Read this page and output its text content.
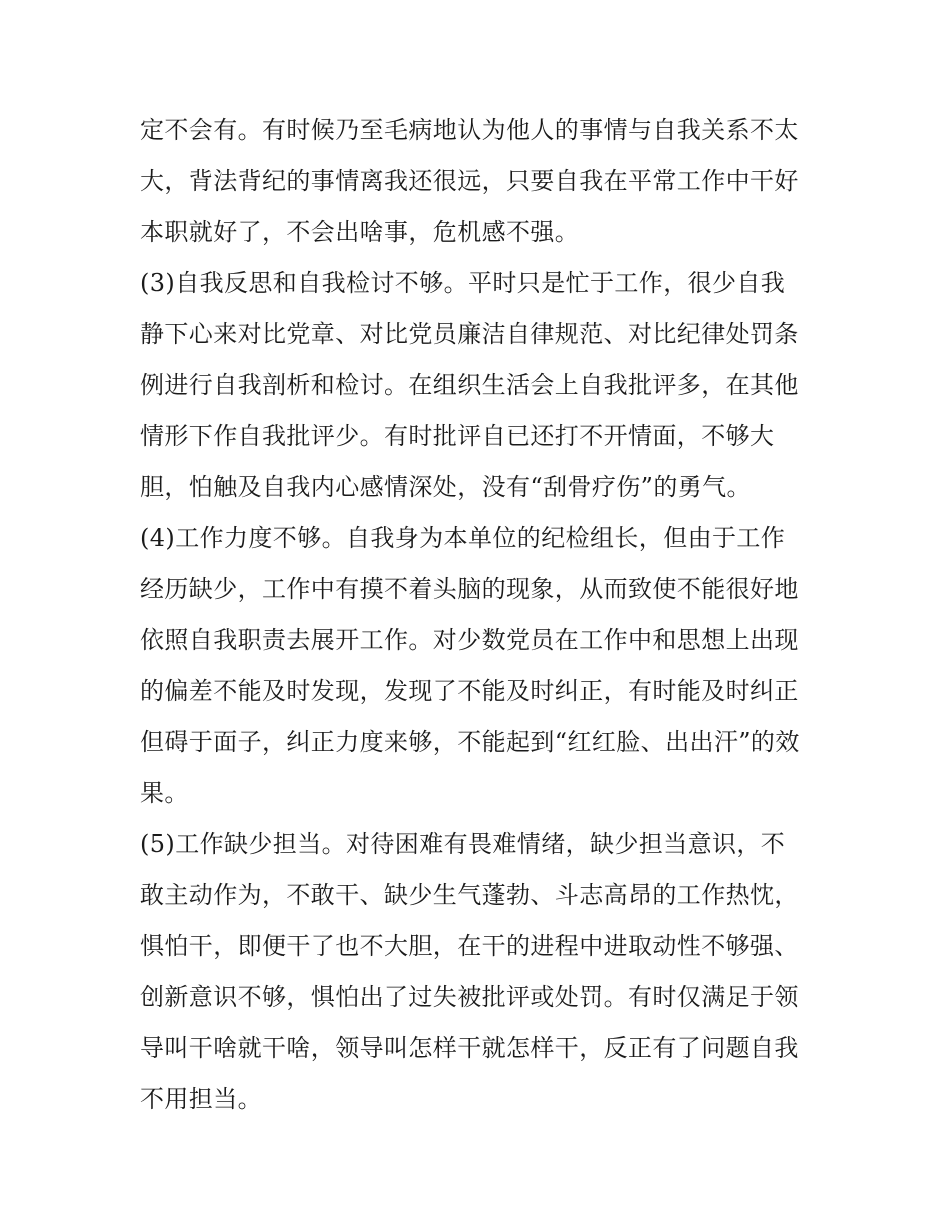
定不会有。有时候乃至毛病地认为他人的事情与自我关系不太
大，背法背纪的事情离我还很远，只要自我在平常工作中干好
本职就好了，不会出啥事，危机感不强。
(3)自我反思和自我检讨不够。平时只是忙于工作，很少自我
静下心来对比党章、对比党员廉洁自律规范、对比纪律处罚条
例进行自我剖析和检讨。在组织生活会上自我批评多，在其他
情形下作自我批评少。有时批评自已还打不开情面，不够大
胆，怕触及自我内心感情深处，没有“刮骨疗伤”的勇气。
(4)工作力度不够。自我身为本单位的纪检组长，但由于工作
经历缺少，工作中有摸不着头脑的现象，从而致使不能很好地
依照自我职责去展开工作。对少数党员在工作中和思想上出现
的偏差不能及时发现，发现了不能及时纠正，有时能及时纠正
但碍于面子，纠正力度来够，不能起到“红红脸、出出汗”的效
果。
(5)工作缺少担当。对待困难有畏难情绪，缺少担当意识，不
敢主动作为，不敢干、缺少生气蓬勃、斗志高昂的工作热忱，
惧怕干，即便干了也不大胆，在干的进程中进取动性不够强、
创新意识不够，惧怕出了过失被批评或处罚。有时仅满足于领
导叫干啥就干啥，领导叫怎样干就怎样干，反正有了问题自我
不用担当。
